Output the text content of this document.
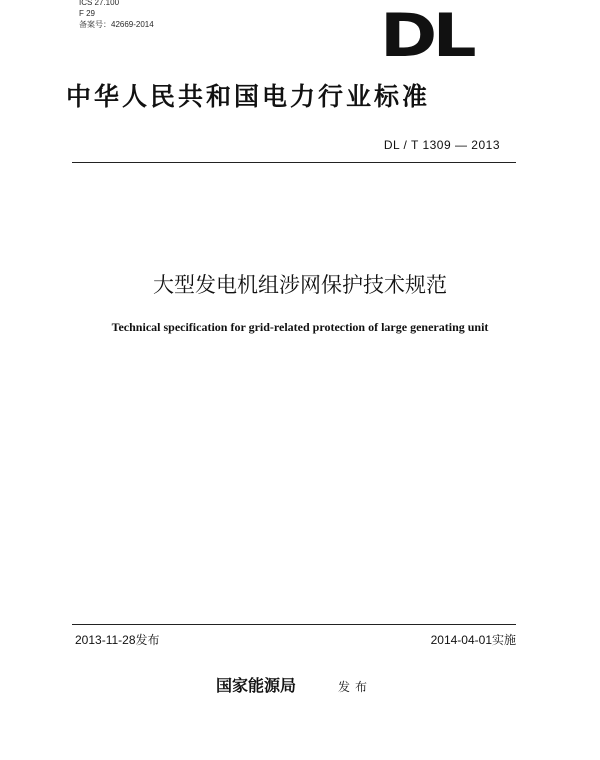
ICS 27.100
F 29
备案号：42669-2014	DL
中华人民共和国电力行业标准
DL / T 1309 — 2013
大型发电机组涉网保护技术规范
Technical specification for grid-related protection of large generating unit
2013-11-28发布	2014-04-01实施
国家能源局	发布
